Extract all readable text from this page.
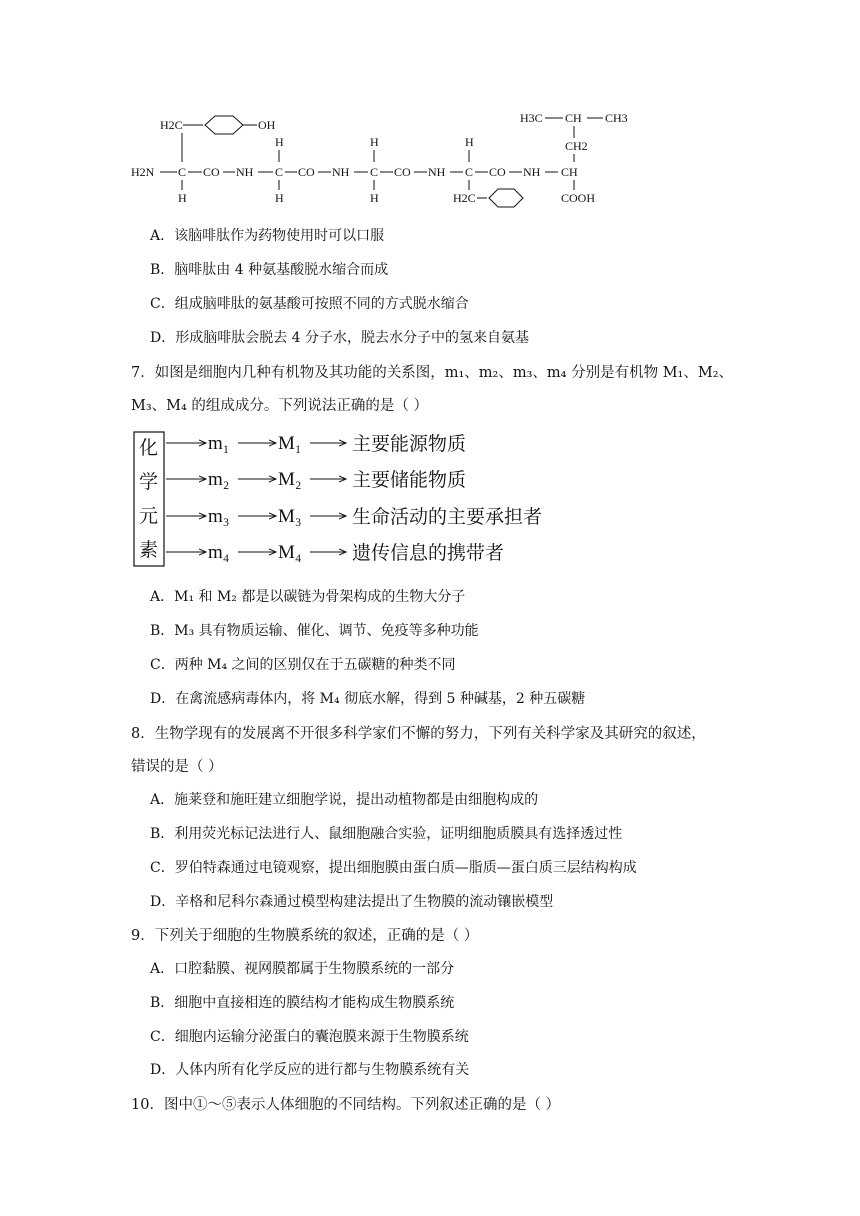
H2C	OH
H2N C
H
CO NH
H
C
H
CO NH
H
C
H
CO NH
H
C
H2C
CO NH
H3C CH CH3
CH2
CH
COOH
A．该脑啡肽作为药物使用时可以口服
B．脑啡肽由 4 种氨基酸脱水缩合而成
C．组成脑啡肽的氨基酸可按照不同的方式脱水缩合
D．形成脑啡肽会脱去 4 分子水，脱去水分子中的氢来自氨基
7．如图是细胞内几种有机物及其功能的关系图，m₁、m₂、m₃、m₄ 分别是有机物 M₁、M₂、
M₃、M₄ 的组成成分。下列说法正确的是（ ）
化
学
元
素
m₁	M₁	主要能源物质
m₂	M₂	主要储能物质
m₃	M₃	生命活动的主要承担者
m₄	M₄	遗传信息的携带者
A．M₁ 和 M₂ 都是以碳链为骨架构成的生物大分子
B．M₃ 具有物质运输、催化、调节、免疫等多种功能
C．两种 M₄ 之间的区别仅在于五碳糖的种类不同
D．在禽流感病毒体内，将 M₄ 彻底水解，得到 5 种碱基，2 种五碳糖
8．生物学现有的发展离不开很多科学家们不懈的努力，下列有关科学家及其研究的叙述，
错误的是（ ）
A．施莱登和施旺建立细胞学说，提出动植物都是由细胞构成的
B．利用荧光标记法进行人、鼠细胞融合实验，证明细胞质膜具有选择透过性
C．罗伯特森通过电镜观察，提出细胞膜由蛋白质—脂质—蛋白质三层结构构成
D．辛格和尼科尔森通过模型构建法提出了生物膜的流动镶嵌模型
9．下列关于细胞的生物膜系统的叙述，正确的是（ ）
A．口腔黏膜、视网膜都属于生物膜系统的一部分
B．细胞中直接相连的膜结构才能构成生物膜系统
C．细胞内运输分泌蛋白的囊泡膜来源于生物膜系统
D．人体内所有化学反应的进行都与生物膜系统有关
10．图中①～⑤表示人体细胞的不同结构。下列叙述正确的是（ ）
